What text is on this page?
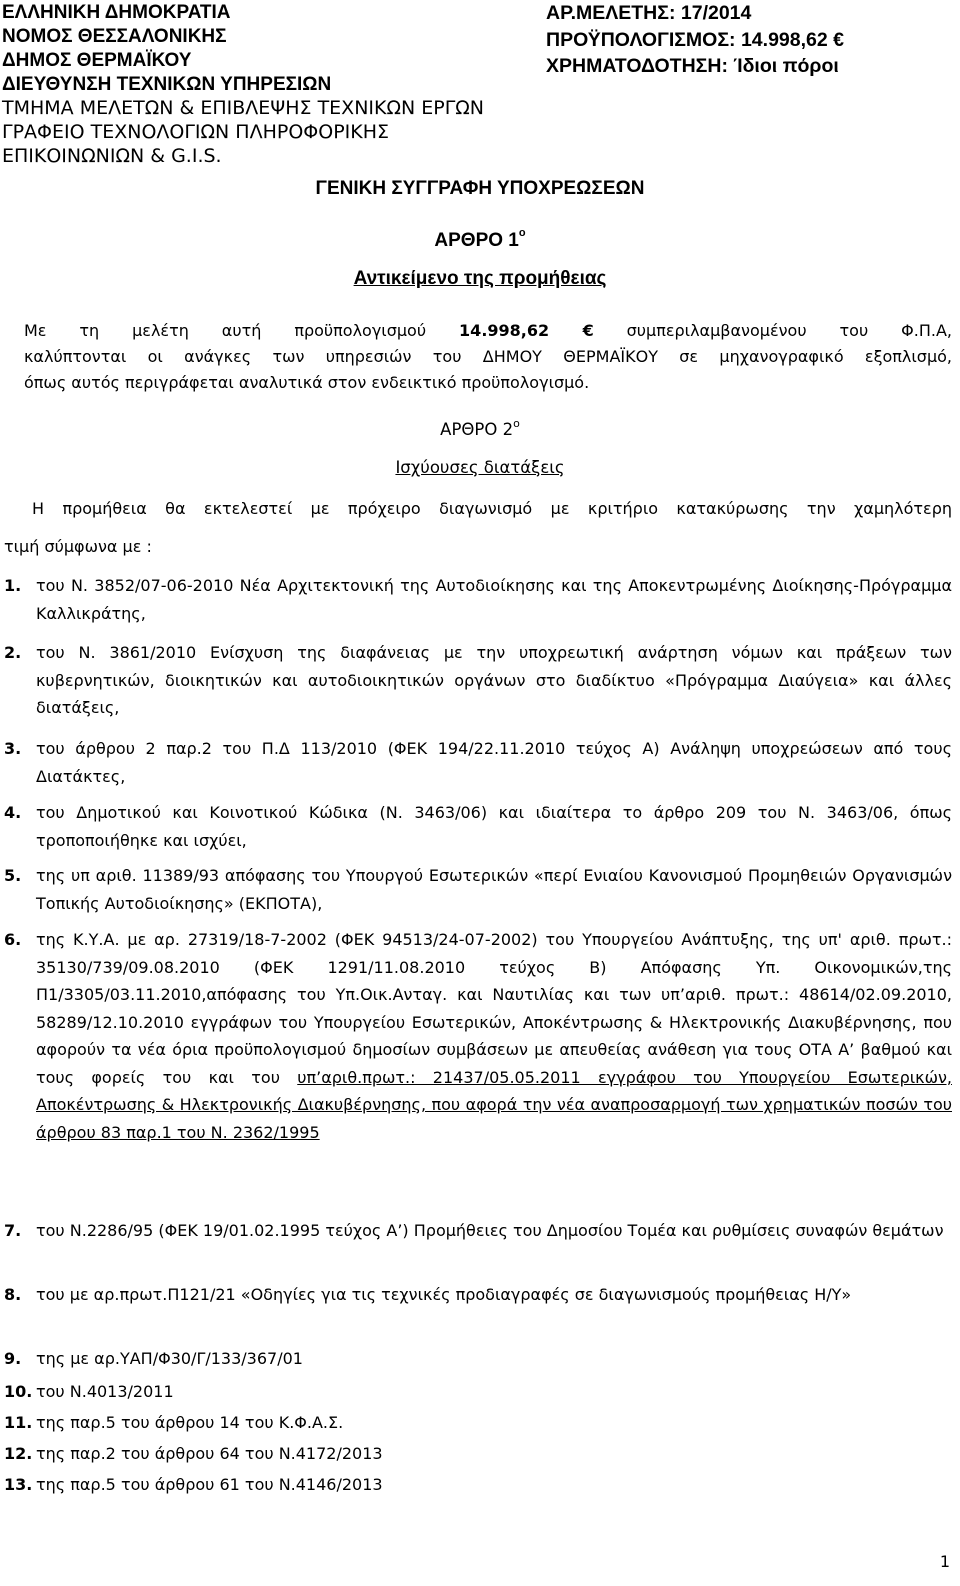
ΕΛΛΗΝΙΚΗ ΔΗΜΟΚΡΑΤΙΑ
ΝΟΜΟΣ ΘΕΣΣΑΛΟΝΙΚΗΣ
ΔΗΜΟΣ ΘΕΡΜΑΪΚΟΥ
ΔΙΕΥΘΥΝΣΗ ΤΕΧΝΙΚΩΝ ΥΠΗΡΕΣΙΩΝ
ΤΜΗΜΑ ΜΕΛΕΤΩΝ & ΕΠΙΒΛΕΨΗΣ ΤΕΧΝΙΚΩΝ ΕΡΓΩΝ
ΓΡΑΦΕΙΟ ΤΕΧΝΟΛΟΓΙΩΝ ΠΛΗΡΟΦΟΡΙΚΗΣ
ΕΠΙΚΟΙΝΩΝΙΩΝ & G.I.S.
ΑΡ.ΜΕΛΕΤΗΣ: 17/2014
ΠΡΟΫΠΟΛΟΓΙΣΜΟΣ: 14.998,62 €
ΧΡΗΜΑΤΟΔΟΤΗΣΗ: Ίδιοι πόροι
ΓΕΝΙΚΗ ΣΥΓΓΡΑΦΗ ΥΠΟΧΡΕΩΣΕΩΝ
ΑΡΘΡΟ $1^o$
Αντικείμενο της προμήθειας
Με τη μελέτη αυτή προϋπολογισμού 14.998,62 € συμπεριλαμβανομένου του Φ.Π.Α,
καλύπτονται οι ανάγκες των υπηρεσιών του ΔΗΜΟΥ ΘΕΡΜΑΪΚΟΥ σε μηχανογραφικό εξοπλισμό,
όπως αυτός περιγράφεται αναλυτικά στον ενδεικτικό προϋπολογισμό.
ΑΡΘΡΟ $2^o$
Ισχύουσες διατάξεις
Η προμήθεια θα εκτελεστεί με πρόχειρο διαγωνισμό με κριτήριο κατακύρωσης την χαμηλότερη
τιμή σύμφωνα με :
1. του Ν. 3852/07-06-2010 Νέα Αρχιτεκτονική της Αυτοδιοίκησης και της Αποκεντρωμένης Διοίκησης-Πρόγραμμα Καλλικράτης,
2. του Ν. 3861/2010 Ενίσχυση της διαφάνειας με την υποχρεωτική ανάρτηση νόμων και πράξεων των κυβερνητικών, διοικητικών και αυτοδιοικητικών οργάνων στο διαδίκτυο «Πρόγραμμα Διαύγεια» και άλλες διατάξεις,
3. του άρθρου 2 παρ.2 του Π.Δ 113/2010 (ΦΕΚ 194/22.11.2010 τεύχος Α) Ανάληψη υποχρεώσεων από τους Διατάκτες,
4. του Δημοτικού και Κοινοτικού Κώδικα (Ν. 3463/06) και ιδιαίτερα το άρθρο 209 του Ν. 3463/06, όπως τροποποιήθηκε και ισχύει,
5. της υπ αριθ. 11389/93 απόφασης του Υπουργού Εσωτερικών «περί Ενιαίου Κανονισμού Προμηθειών Οργανισμών Τοπικής Αυτοδιοίκησης» (ΕΚΠΟΤΑ),
6. της Κ.Υ.Α. με αρ. 27319/18-7-2002 (ΦΕΚ 94513/24-07-2002) του Υπουργείου Ανάπτυξης, της υπ' αριθ. πρωτ.: 35130/739/09.08.2010 (ΦΕΚ 1291/11.08.2010 τεύχος Β) Απόφασης Υπ. Οικονομικών,της Π1/3305/03.11.2010,απόφασης του Υπ.Οικ.Ανταγ. και Ναυτιλίας και των υπ’αριθ. πρωτ.: 48614/02.09.2010, 58289/12.10.2010 εγγράφων του Υπουργείου Εσωτερικών, Αποκέντρωσης & Ηλεκτρονικής Διακυβέρνησης, που αφορούν τα νέα όρια προϋπολογισμού δημοσίων συμβάσεων με απευθείας ανάθεση για τους ΟΤΑ Α’ βαθμού και τους φορείς του και του υπ’αριθ.πρωτ.: 21437/05.05.2011 εγγράφου του Υπουργείου Εσωτερικών, Αποκέντρωσης & Ηλεκτρονικής Διακυβέρνησης, που αφορά την νέα αναπροσαρμογή των χρηματικών ποσών του άρθρου 83 παρ.1 του Ν. 2362/1995
7. του Ν.2286/95 (ΦΕΚ 19/01.02.1995 τεύχος Α’) Προμήθειες του Δημοσίου Τομέα και ρυθμίσεις συναφών θεμάτων
8. του με αρ.πρωτ.Π121/21 «Οδηγίες για τις τεχνικές προδιαγραφές σε διαγωνισμούς προμήθειας Η/Υ»
9. της με αρ.ΥΑΠ/Φ30/Γ/133/367/01
10. του Ν.4013/2011
11. της παρ.5 του άρθρου 14 του Κ.Φ.Α.Σ.
12. της παρ.2 του άρθρου 64 του Ν.4172/2013
13. της παρ.5 του άρθρου 61 του Ν.4146/2013
1
